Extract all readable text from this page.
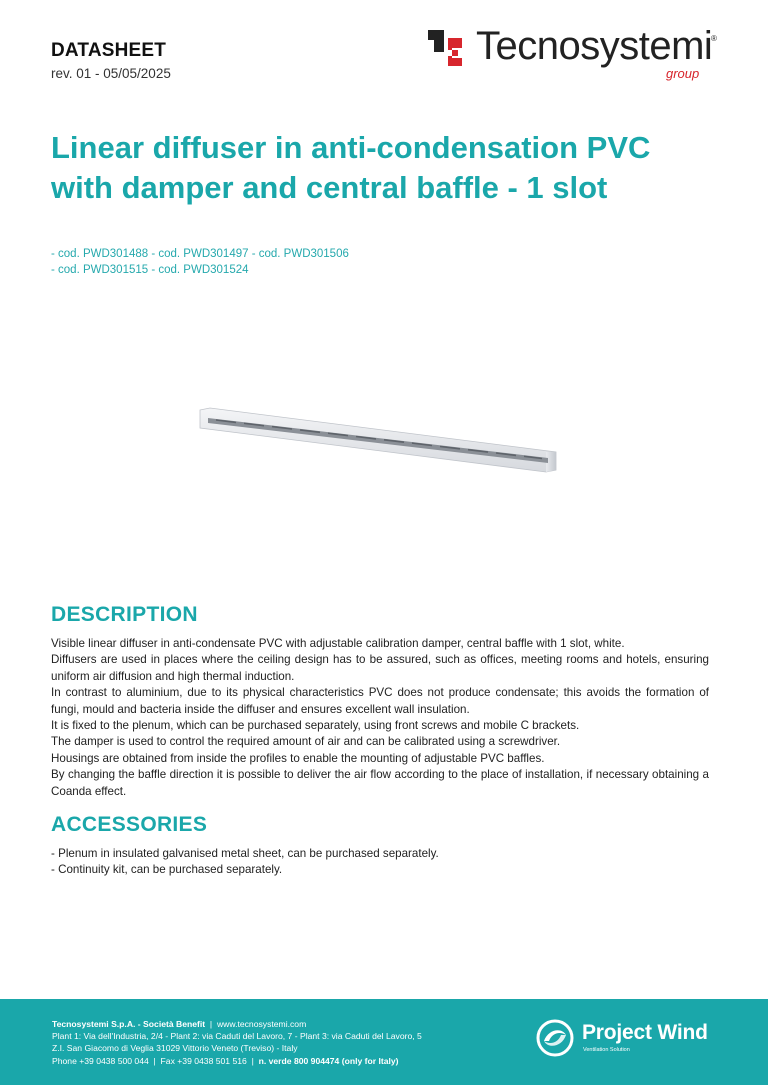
DATASHEET
rev. 01 - 05/05/2025
Tecnosystemi
®
group
Linear diffuser in anti-condensation PVC
with damper and central baffle - 1 slot
- cod. PWD301488 - cod. PWD301497 - cod. PWD301506
- cod. PWD301515 - cod. PWD301524
DESCRIPTION

Visible linear diffuser in anti-condensate PVC with adjustable calibration damper, central baffle with 1 slot, white.

Diffusers are used in places where the ceiling design has to be assured, such as offices, meeting rooms and hotels, ensuring uniform air diffusion and high thermal induction.

In contrast to aluminium, due to its physical characteristics PVC does not produce condensate; this avoids the formation of fungi, mould and bacteria inside the diffuser and ensures excellent wall insulation.

It is fixed to the plenum, which can be purchased separately, using front screws and mobile C brackets.

The damper is used to control the required amount of air and can be calibrated using a screwdriver.

Housings are obtained from inside the profiles to enable the mounting of adjustable PVC baffles.

By changing the baffle direction it is possible to deliver the air flow according to the place of installation, if necessary obtaining a Coanda effect.

ACCESSORIES

- Plenum in insulated galvanised metal sheet, can be purchased separately.

- Continuity kit, can be purchased separately.

Tecnosystemi S.p.A. - Società Benefit  |  www.tecnosystemi.com
Plant 1: Via dell'Industria, 2/4 - Plant 2: via Caduti del Lavoro, 7 - Plant 3: via Caduti del Lavoro, 5
Z.I. San Giacomo di Veglia 31029 Vittorio Veneto (Treviso) - Italy
Phone +39 0438 500 044  |  Fax +39 0438 501 516  |  n. verde 800 904474 (only for Italy)
Project Wind
Ventilation Solution
